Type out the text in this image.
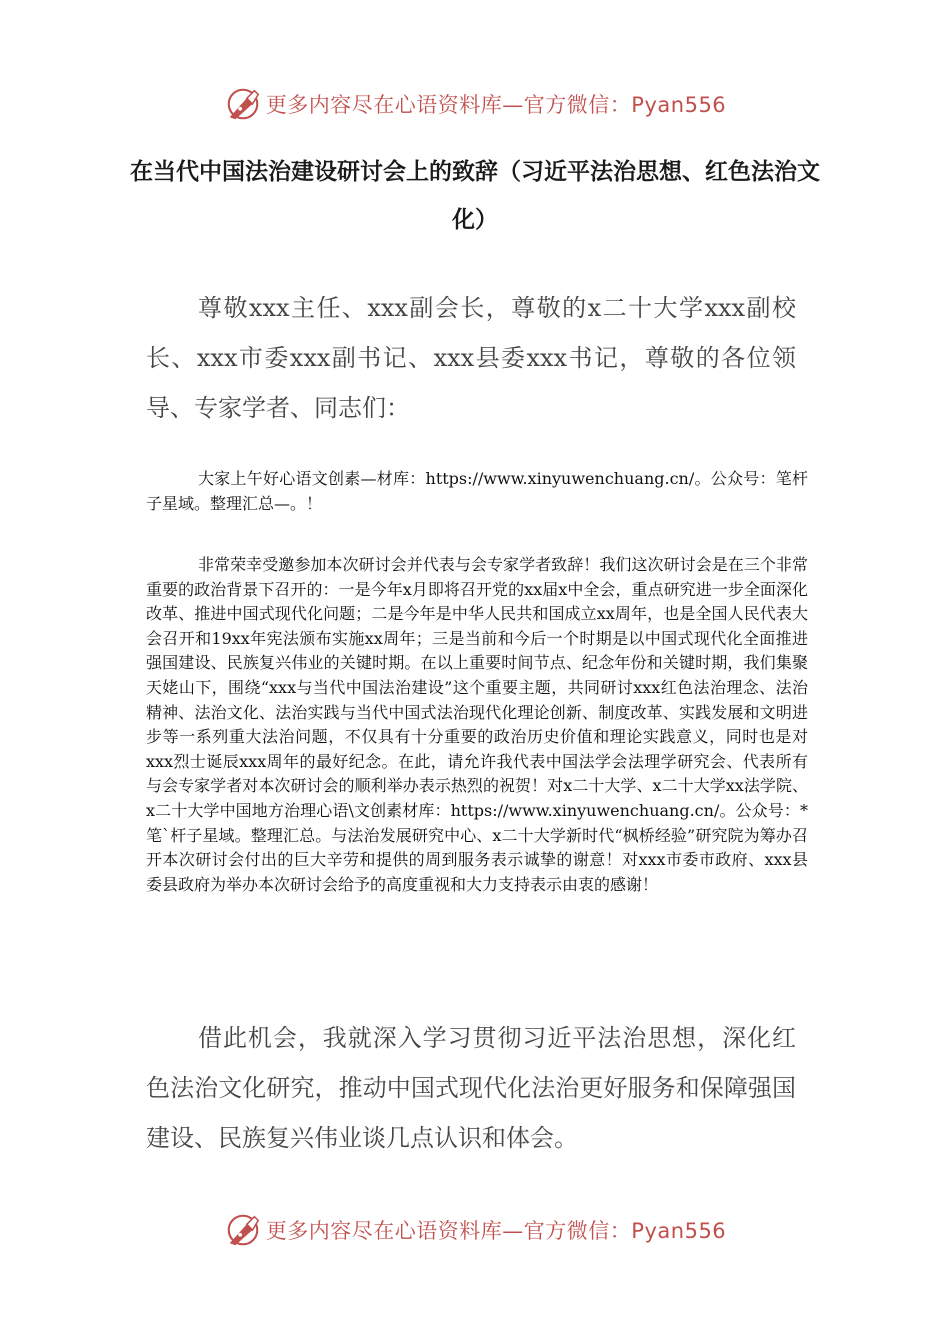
更多内容尽在心语资料库—官方微信：Pyan556
在当代中国法治建设研讨会上的致辞（习近平法治思想、红色法治文化）

尊敬xxx主任、xxx副会长，尊敬的x二十大学xxx副校长、xxx市委xxx副书记、xxx县委xxx书记，尊敬的各位领导、专家学者、同志们：

大家上午好心语文创素—材库：https://www.xinyuwenchuang.cn/。公众号：笔杆子星域。整理汇总—。！

非常荣幸受邀参加本次研讨会并代表与会专家学者致辞！我们这次研讨会是在三个非常重要的政治背景下召开的：一是今年x月即将召开党的xx届x中全会，重点研究进一步全面深化改革、推进中国式现代化问题；二是今年是中华人民共和国成立xx周年，也是全国人民代表大会召开和19xx年宪法颁布实施xx周年；三是当前和今后一个时期是以中国式现代化全面推进强国建设、民族复兴伟业的关键时期。在以上重要时间节点、纪念年份和关键时期，我们集聚天姥山下，围绕“xxx与当代中国法治建设”这个重要主题，共同研讨xxx红色法治理念、法治精神、法治文化、法治实践与当代中国式法治现代化理论创新、制度改革、实践发展和文明进步等一系列重大法治问题，不仅具有十分重要的政治历史价值和理论实践意义，同时也是对xxx烈士诞辰xxx周年的最好纪念。在此，请允许我代表中国法学会法理学研究会、代表所有与会专家学者对本次研讨会的顺利举办表示热烈的祝贺！对x二十大学、x二十大学xx法学院、x二十大学中国地方治理心语\文创素材库：https://www.xinyuwenchuang.cn/。公众号：*笔`杆子星域。整理汇总。与法治发展研究中心、x二十大学新时代“枫桥经验”研究院为筹办召开本次研讨会付出的巨大辛劳和提供的周到服务表示诚挚的谢意！对xxx市委市政府、xxx县委县政府为举办本次研讨会给予的高度重视和大力支持表示由衷的感谢！

借此机会，我就深入学习贯彻习近平法治思想，深化红色法治文化研究，推动中国式现代化法治更好服务和保障强国建设、民族复兴伟业谈几点认识和体会。

更多内容尽在心语资料库—官方微信：Pyan556
